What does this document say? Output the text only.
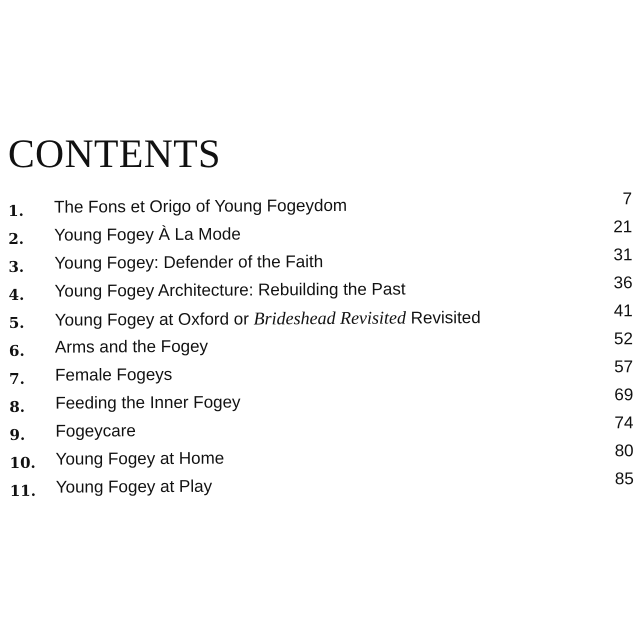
CONTENTS
1. The Fons et Origo of Young Fogeydom	7
2. Young Fogey À La Mode	21
3. Young Fogey: Defender of the Faith	31
4. Young Fogey Architecture: Rebuilding the Past	36
5. Young Fogey at Oxford or Brideshead Revisited Revisited	41
6. Arms and the Fogey	52
7. Female Fogeys	57
8. Feeding the Inner Fogey	69
9. Fogeycare	74
10. Young Fogey at Home	80
11. Young Fogey at Play	85
